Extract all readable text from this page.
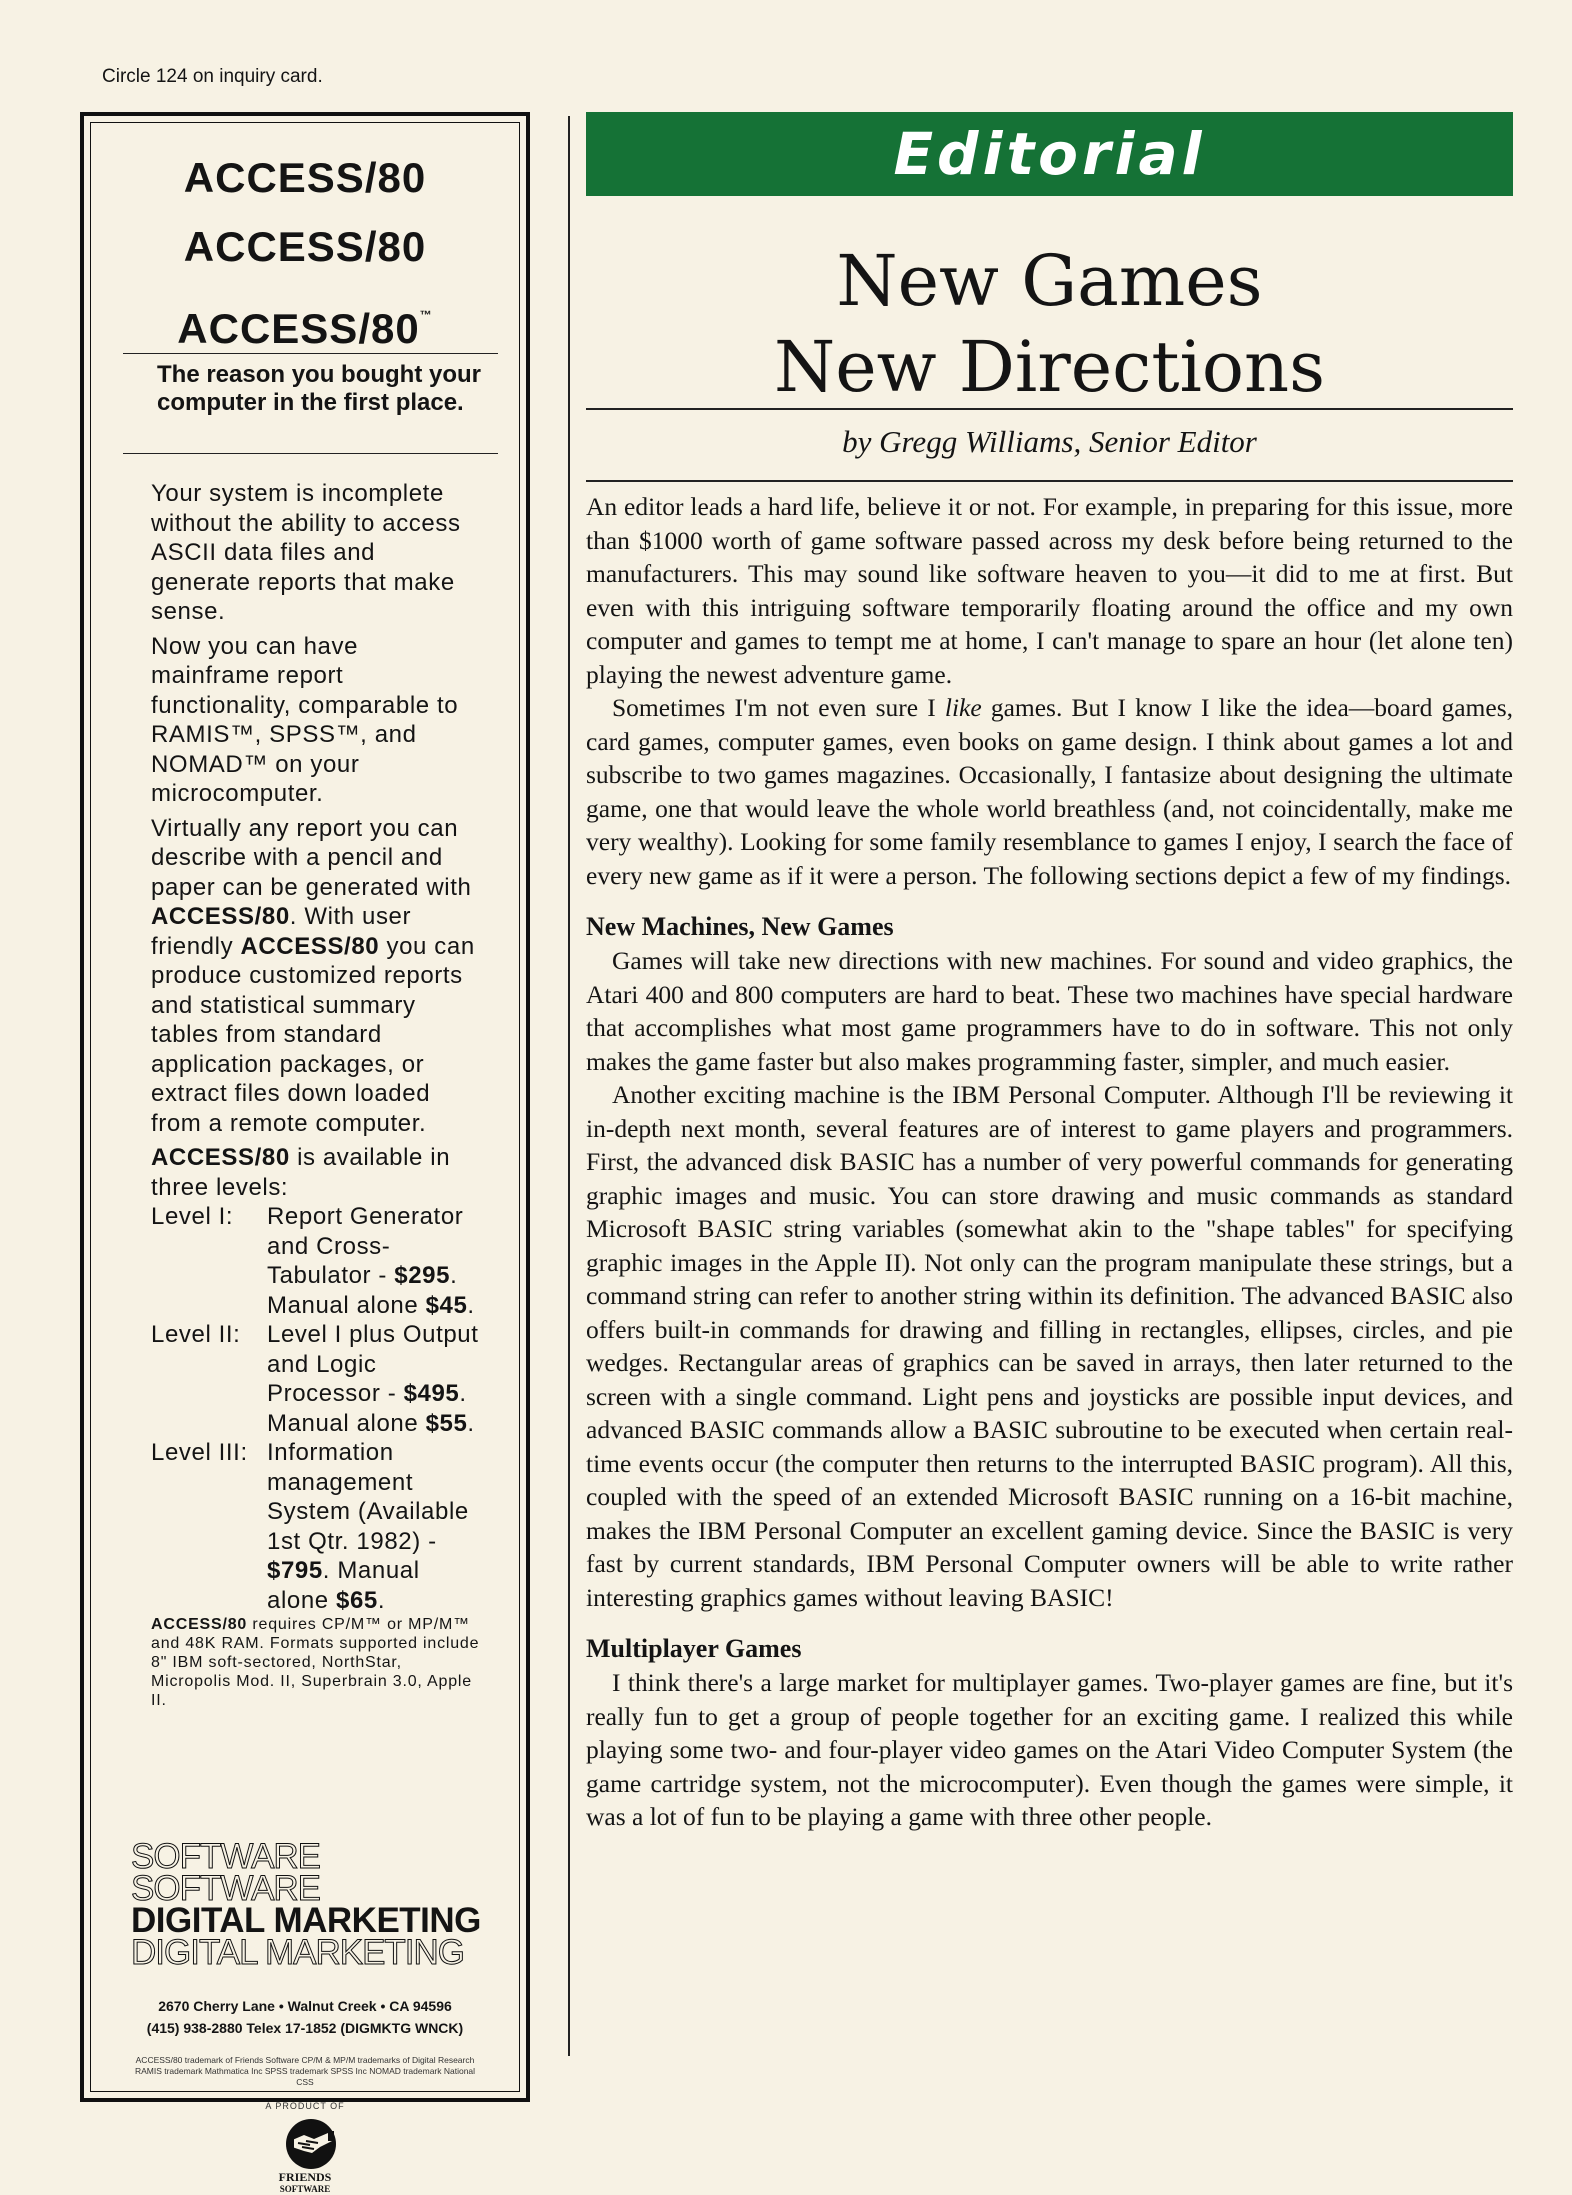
Circle 124 on inquiry card.
ACCESS/80
ACCESS/80
ACCESS/80™
The reason you bought your computer in the first place.

Your system is incomplete without the ability to access ASCII data files and generate reports that make sense.

Now you can have mainframe report functionality, comparable to RAMIS™, SPSS™, and NOMAD™ on your microcomputer.

Virtually any report you can describe with a pencil and paper can be generated with ACCESS/80. With user friendly ACCESS/80 you can produce customized reports and statistical summary tables from standard application packages, or extract files down loaded from a remote computer.

ACCESS/80 is available in three levels:

Level I:	Report Generator and Cross-Tabulator - $295. Manual alone $45.
Level II:	Level I plus Output and Logic Processor - $495. Manual alone $55.
Level III: Information management System (Available 1st Qtr. 1982) - $795. Manual alone $65.

ACCESS/80 requires CP/M™ or MP/M™ and 48K RAM. Formats supported include 8" IBM soft-sectored, NorthStar, Micropolis Mod. II, Superbrain 3.0, Apple II.

SOFTWARE
SOFTWARE
DIGITAL MARKETING
DIGITAL MARKETING
2670 Cherry Lane • Walnut Creek • CA 94596
(415) 938-2880 Telex 17-1852 (DIGMKTG WNCK)
ACCESS/80 trademark of Friends Software CP/M & MP/M trademarks of Digital Research RAMIS trademark Mathmatica Inc SPSS trademark SPSS Inc NOMAD trademark National CSS
A PRODUCT OF
FRIENDS
SOFTWARE
Editorial
New Games
New Directions
by Gregg Williams, Senior Editor

An editor leads a hard life, believe it or not. For example, in preparing for this issue, more than $1000 worth of game software passed across my desk before being returned to the manufacturers. This may sound like software heaven to you—it did to me at first. But even with this intriguing software temporarily floating around the office and my own computer and games to tempt me at home, I can't manage to spare an hour (let alone ten) playing the newest adventure game.

Sometimes I'm not even sure I like games. But I know I like the idea—board games, card games, computer games, even books on game design. I think about games a lot and subscribe to two games magazines. Occasionally, I fantasize about designing the ultimate game, one that would leave the whole world breathless (and, not coincidentally, make me very wealthy). Looking for some family resemblance to games I enjoy, I search the face of every new game as if it were a person. The following sections depict a few of my findings.

New Machines, New Games

Games will take new directions with new machines. For sound and video graphics, the Atari 400 and 800 computers are hard to beat. These two machines have special hardware that accomplishes what most game programmers have to do in software. This not only makes the game faster but also makes programming faster, simpler, and much easier.

Another exciting machine is the IBM Personal Computer. Although I'll be reviewing it in-depth next month, several features are of interest to game players and programmers. First, the advanced disk BASIC has a number of very powerful commands for generating graphic images and music. You can store drawing and music commands as standard Microsoft BASIC string variables (somewhat akin to the "shape tables" for specifying graphic images in the Apple II). Not only can the program manipulate these strings, but a command string can refer to another string within its definition. The advanced BASIC also offers built-in commands for drawing and filling in rectangles, ellipses, circles, and pie wedges. Rectangular areas of graphics can be saved in arrays, then later returned to the screen with a single command. Light pens and joysticks are possible input devices, and advanced BASIC commands allow a BASIC subroutine to be executed when certain real-time events occur (the computer then returns to the interrupted BASIC program). All this, coupled with the speed of an extended Microsoft BASIC running on a 16-bit machine, makes the IBM Personal Computer an excellent gaming device. Since the BASIC is very fast by current standards, IBM Personal Computer owners will be able to write rather interesting graphics games without leaving BASIC!

Multiplayer Games

I think there's a large market for multiplayer games. Two-player games are fine, but it's really fun to get a group of people together for an exciting game. I realized this while playing some two- and four-player video games on the Atari Video Computer System (the game cartridge system, not the microcomputer). Even though the games were simple, it was a lot of fun to be playing a game with three other people.
